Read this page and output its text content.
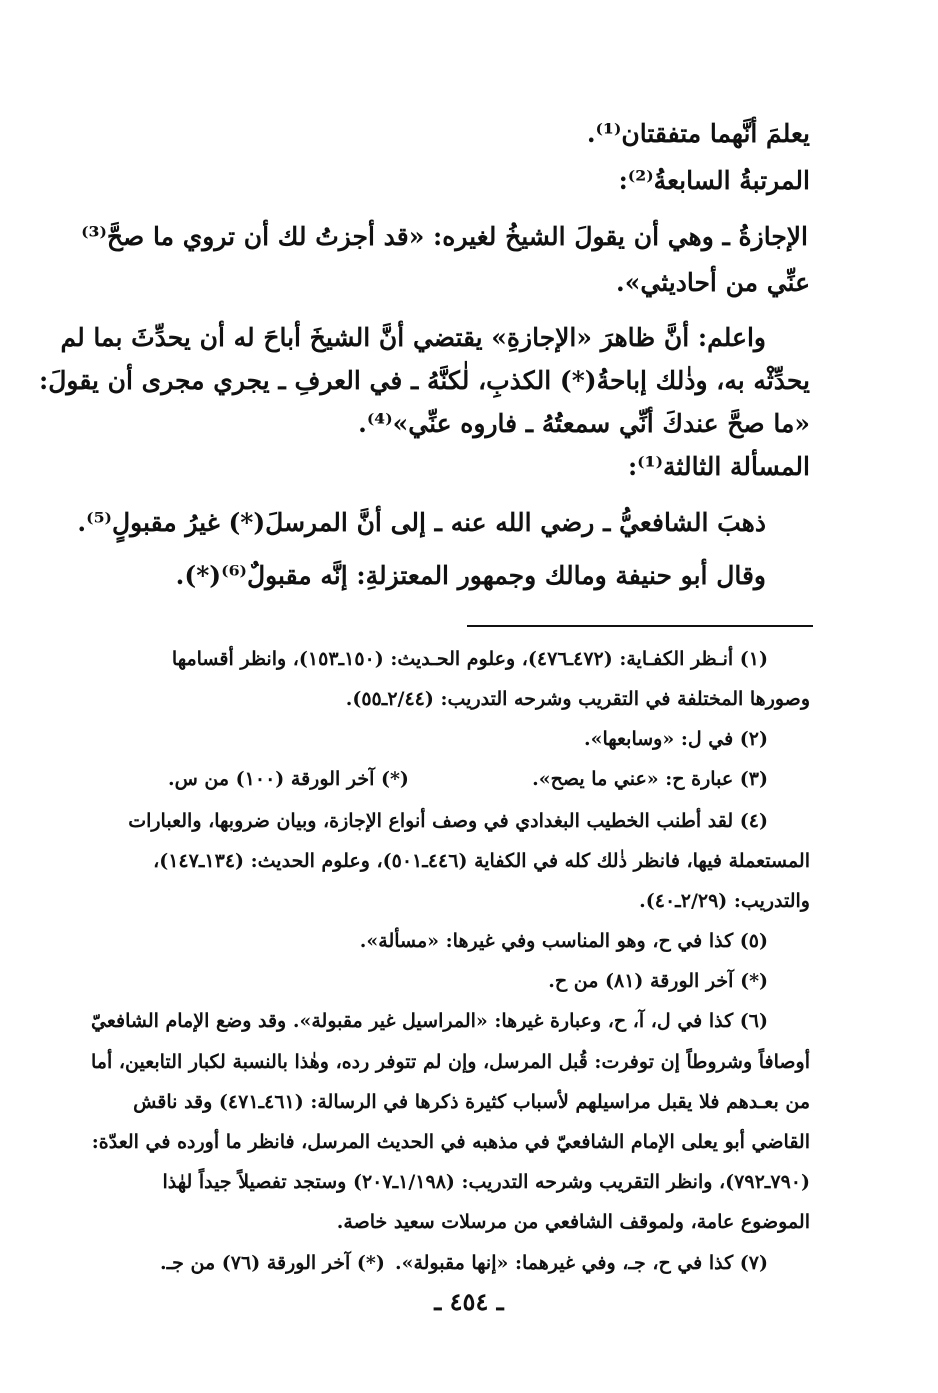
يعلمَ أنَّهما متفقتان⁽¹⁾.
المرتبةُ السابعةُ⁽²⁾:
الإجازةُ ـ وهي أن يقولَ الشيخُ لغيره: «قد أجزتُ لك أن تروي ما صحَّ⁽³⁾
عنِّي من أحاديثي».
واعلم: أنَّ ظاهرَ «الإجازةِ» يقتضي أنَّ الشيخَ أباحَ له أن يحدِّثَ بما لم
يحدِّثْه به، وذٰلك إباحةُ(*) الكذبِ، لٰكنَّهُ ـ في العرفِ ـ يجري مجرى أن يقولَ:
«ما صحَّ عندكَ أنِّي سمعتُهُ ـ فاروه عنِّي»⁽⁴⁾.
المسألة الثالثة⁽¹⁾:
ذهبَ الشافعيُّ ـ رضي الله عنه ـ إلى أنَّ المرسلَ(*) غيرُ مقبولٍ⁽⁵⁾.
وقال أبو حنيفة ومالك وجمهور المعتزلةِ: إنَّه مقبولٌ⁽⁶⁾(*).
(١) أنـظر الكفـاية: (٤٧٢ـ٤٧٦)، وعلوم الحـديث: (١٥٠ـ١٥٣)، وانظر أقسامها
وصورها المختلفة في التقريب وشرحه التدريب: (٢/٤٤ـ٥٥).
(٢) في ل: «وسابعها».
(٣) عبارة ح: «عني ما يصح».
(*) آخر الورقة (١٠٠) من س.
(٤) لقد أطنب الخطيب البغدادي في وصف أنواع الإجازة، وبيان ضروبها، والعبارات
المستعملة فيها، فانظر ذٰلك كله في الكفاية (٤٤٦ـ٥٠١)، وعلوم الحديث: (١٣٤ـ١٤٧)،
والتدريب: (٢/٢٩ـ٤٠).
(٥) كذا في ح، وهو المناسب وفي غيرها: «مسألة».
(*) آخر الورقة (٨١) من ح.
(٦) كذا في ل، آ، ح، وعبارة غيرها: «المراسيل غير مقبولة». وقد وضع الإمام الشافعيّ
أوصافاً وشروطاً إن توفرت: قُبل المرسل، وإن لم تتوفر رده، وهٰذا بالنسبة لكبار التابعين، أما
من بعـدهم فلا يقبل مراسيلهم لأسباب كثيرة ذكرها في الرسالة: (٤٦١ـ٤٧١) وقد ناقش
القاضي أبو يعلى الإمام الشافعيّ في مذهبه في الحديث المرسل، فانظر ما أورده في العدّة:
(٧٩٠ـ٧٩٢)، وانظر التقريب وشرحه التدريب: (١/١٩٨ـ٢٠٧) وستجد تفصيلاً جيداً لهٰذا
الموضوع عامة، ولموقف الشافعي من مرسلات سعيد خاصة.
(٧) كذا في ح، جـ، وفي غيرهما: «إنها مقبولة».
(*) آخر الورقة (٧٦) من جـ.
ـ ٤٥٤ ـ
